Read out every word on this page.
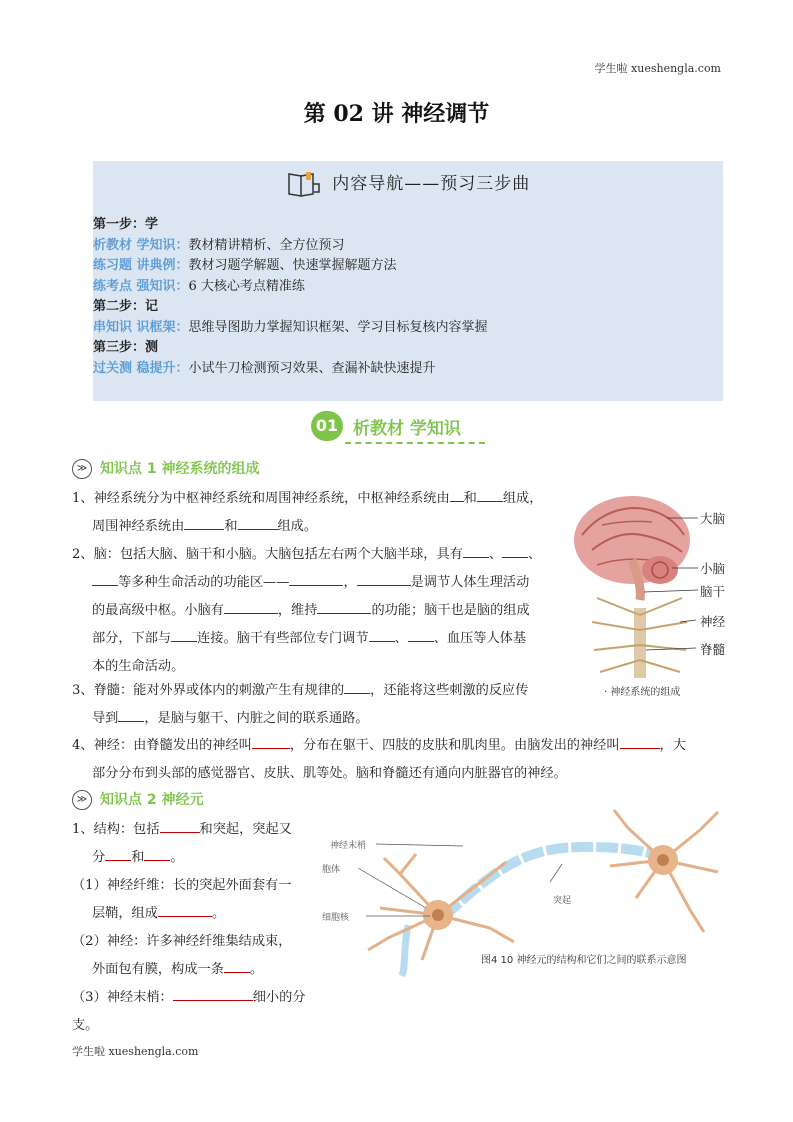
学生啦 xueshengla.com
第 02 讲 神经调节
内容导航——预习三步曲
第一步：学
析教材 学知识：教材精讲精析、全方位预习
练习题 讲典例：教材习题学解题、快速掌握解题方法
练考点 强知识：6 大核心考点精准练
第二步：记
串知识 识框架：思维导图助力掌握知识框架、学习目标复核内容掌握
第三步：测
过关测 稳提升：小试牛刀检测预习效果、查漏补缺快速提升
01 析教材 学知识
≫ 知识点 1 神经系统的组成
1、神经系统分为中枢神经系统和周围神经系统，中枢神经系统由 和 组成，
周围神经系统由	和	组成。
2、脑：包括大脑、脑干和小脑。大脑包括左右两个大脑半球，具有 、 、
等多种生命活动的功能区——	，	是调节人体生理活动
的最高级中枢。小脑有	，维持	的功能；脑干也是脑的组成
部分，下部与 连接。脑干有些部位专门调节 、 、血压等人体基
本的生命活动。
3、脊髓：能对外界或体内的刺激产生有规律的 ，还能将这些刺激的反应传
导到 ，是脑与躯干、内脏之间的联系通路。
4、神经：由脊髓发出的神经叫	，分布在躯干、四肢的皮肤和肌肉里。由脑发出的神经叫	，大
部分分布到头部的感觉器官、皮肤、肌等处。脑和脊髓还有通向内脏器官的神经。
大脑
小脑
脑干
神经
脊髓
· 神经系统的组成
≫ 知识点 2 神经元
1、结构：包括	和突起，突起又
分 和 。
（1）神经纤维：长的突起外面套有一
层鞘，组成	。
（2）神经：许多神经纤维集结成束，
外面包有膜，构成一条 。
（3）神经末梢：	细小的分支。
神经末梢
胞体
细胞核
突起
图4 10 神经元的结构和它们之间的联系示意图
学生啦 xueshengla.com
